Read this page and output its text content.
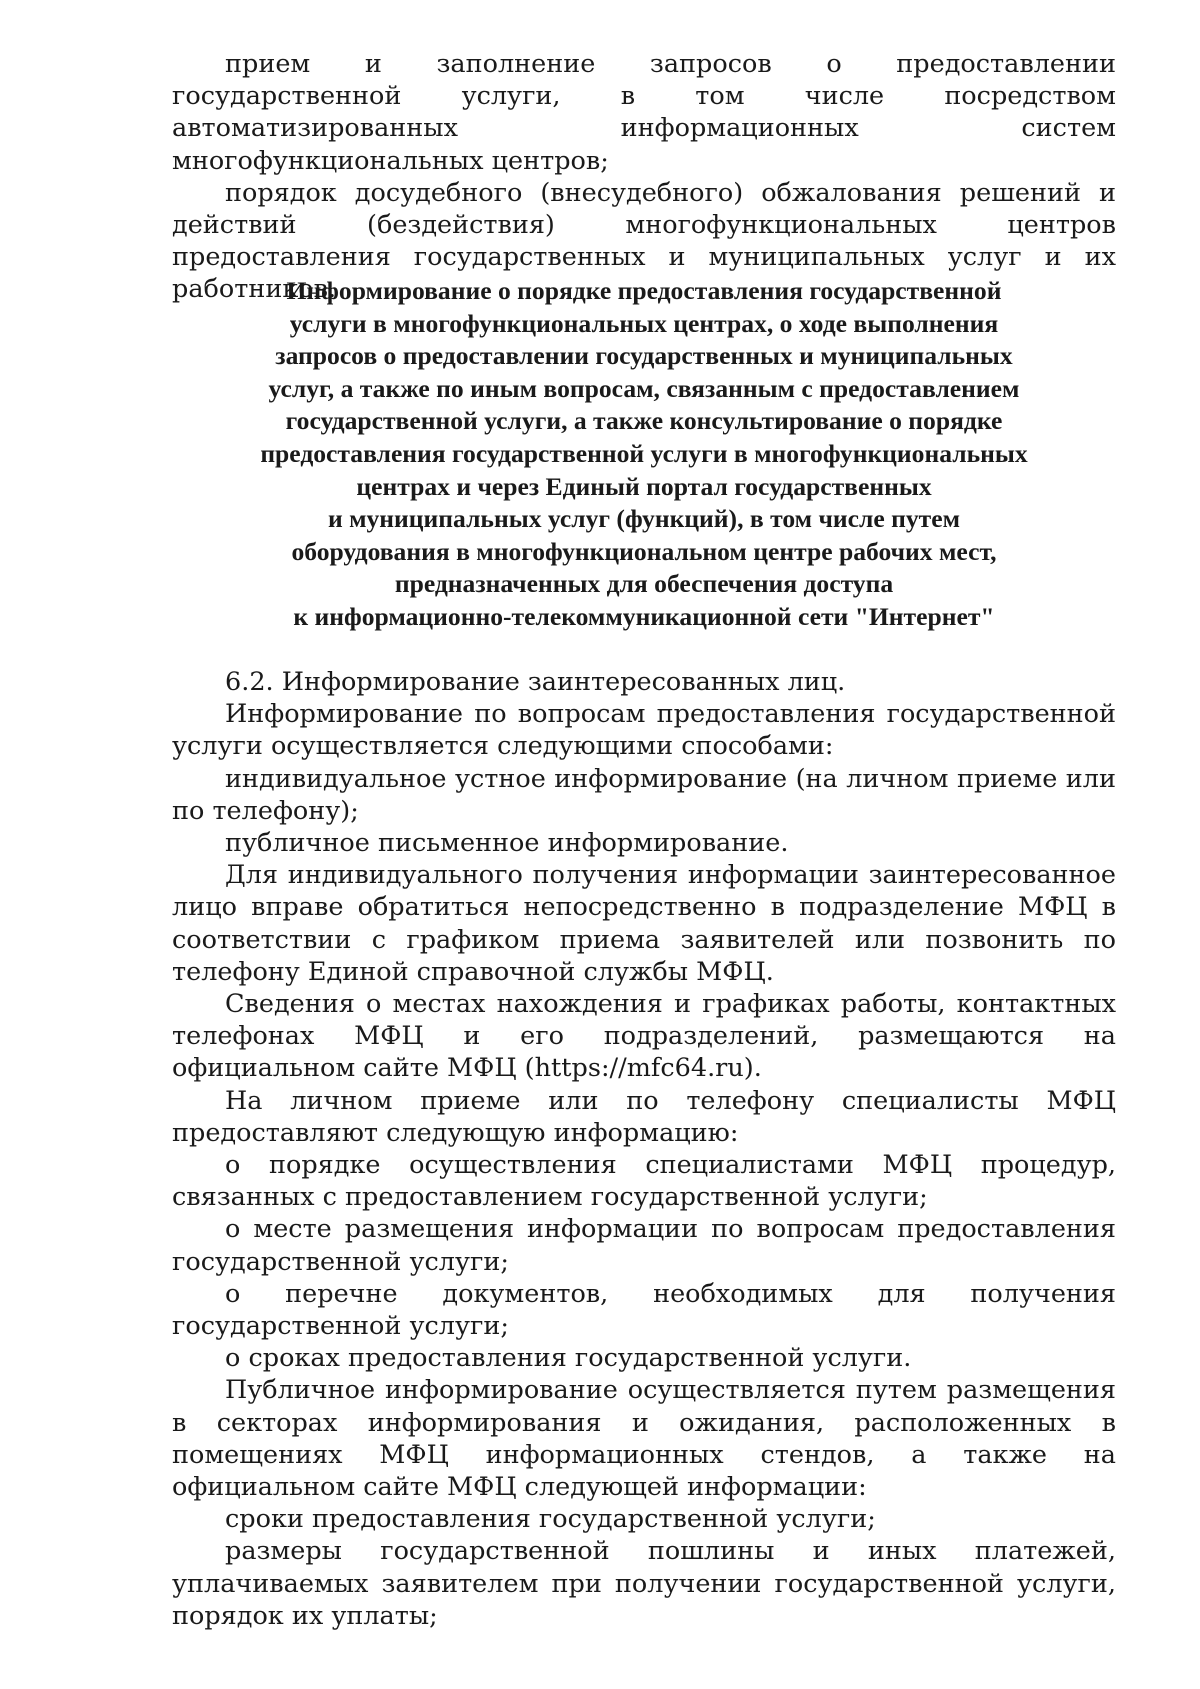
прием и заполнение запросов о предоставлении государственной услуги, в том числе посредством автоматизированных информационных систем многофункциональных центров;

порядок досудебного (внесудебного) обжалования решений и действий (бездействия) многофункциональных центров предоставления государственных и муниципальных услуг и их работников.

Информирование о порядке предоставления государственной
услуги в многофункциональных центрах, о ходе выполнения
запросов о предоставлении государственных и муниципальных
услуг, а также по иным вопросам, связанным с предоставлением
государственной услуги, а также консультирование о порядке
предоставления государственной услуги в многофункциональных
центрах и через Единый портал государственных
и муниципальных услуг (функций), в том числе путем
оборудования в многофункциональном центре рабочих мест,
предназначенных для обеспечения доступа
к информационно-телекоммуникационной сети "Интернет"

6.2. Информирование заинтересованных лиц.

Информирование по вопросам предоставления государственной услуги осуществляется следующими способами:

индивидуальное устное информирование (на личном приеме или по телефону);

публичное письменное информирование.

Для индивидуального получения информации заинтересованное лицо вправе обратиться непосредственно в подразделение МФЦ в соответствии с графиком приема заявителей или позвонить по телефону Единой справочной службы МФЦ.

Сведения о местах нахождения и графиках работы, контактных телефонах МФЦ и его подразделений, размещаются на официальном сайте МФЦ (https://mfc64.ru).

На личном приеме или по телефону специалисты МФЦ предоставляют следующую информацию:

о порядке осуществления специалистами МФЦ процедур, связанных с предоставлением государственной услуги;

о месте размещения информации по вопросам предоставления государственной услуги;

о перечне документов, необходимых для получения государственной услуги;

о сроках предоставления государственной услуги.

Публичное информирование осуществляется путем размещения в секторах информирования и ожидания, расположенных в помещениях МФЦ информационных стендов, а также на официальном сайте МФЦ следующей информации:

сроки предоставления государственной услуги;

размеры государственной пошлины и иных платежей, уплачиваемых заявителем при получении государственной услуги, порядок их уплаты;
